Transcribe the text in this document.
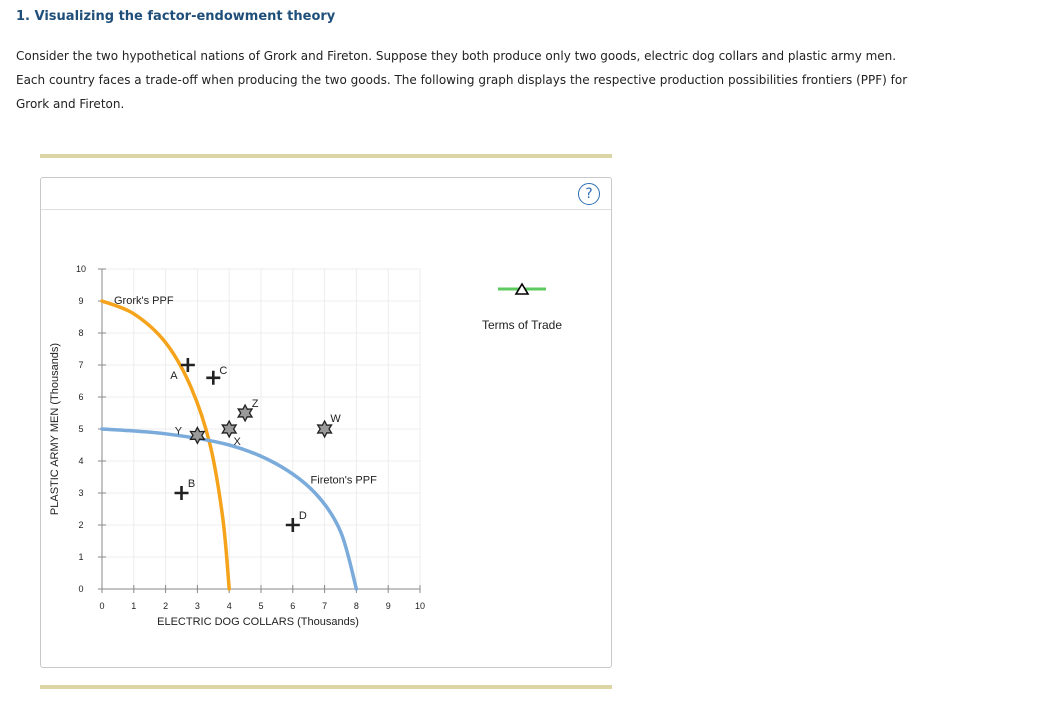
1. Visualizing the factor-endowment theory
Consider the two hypothetical nations of Grork and Fireton. Suppose they both produce only two goods, electric dog collars and plastic army men.
Each country faces a trade-off when producing the two goods. The following graph displays the respective production possibilities frontiers (PPF) for
Grork and Fireton.
?
0	1	2	3	4	5	6	7	8	9	10
0
1
2
3
4
5
6
7
8
9
10
Grork's PPF
Fireton's PPF
A	C
B
D
Y
X
Z
W
PLASTIC ARMY MEN (Thousands)
ELECTRIC DOG COLLARS (Thousands)
Terms of Trade
